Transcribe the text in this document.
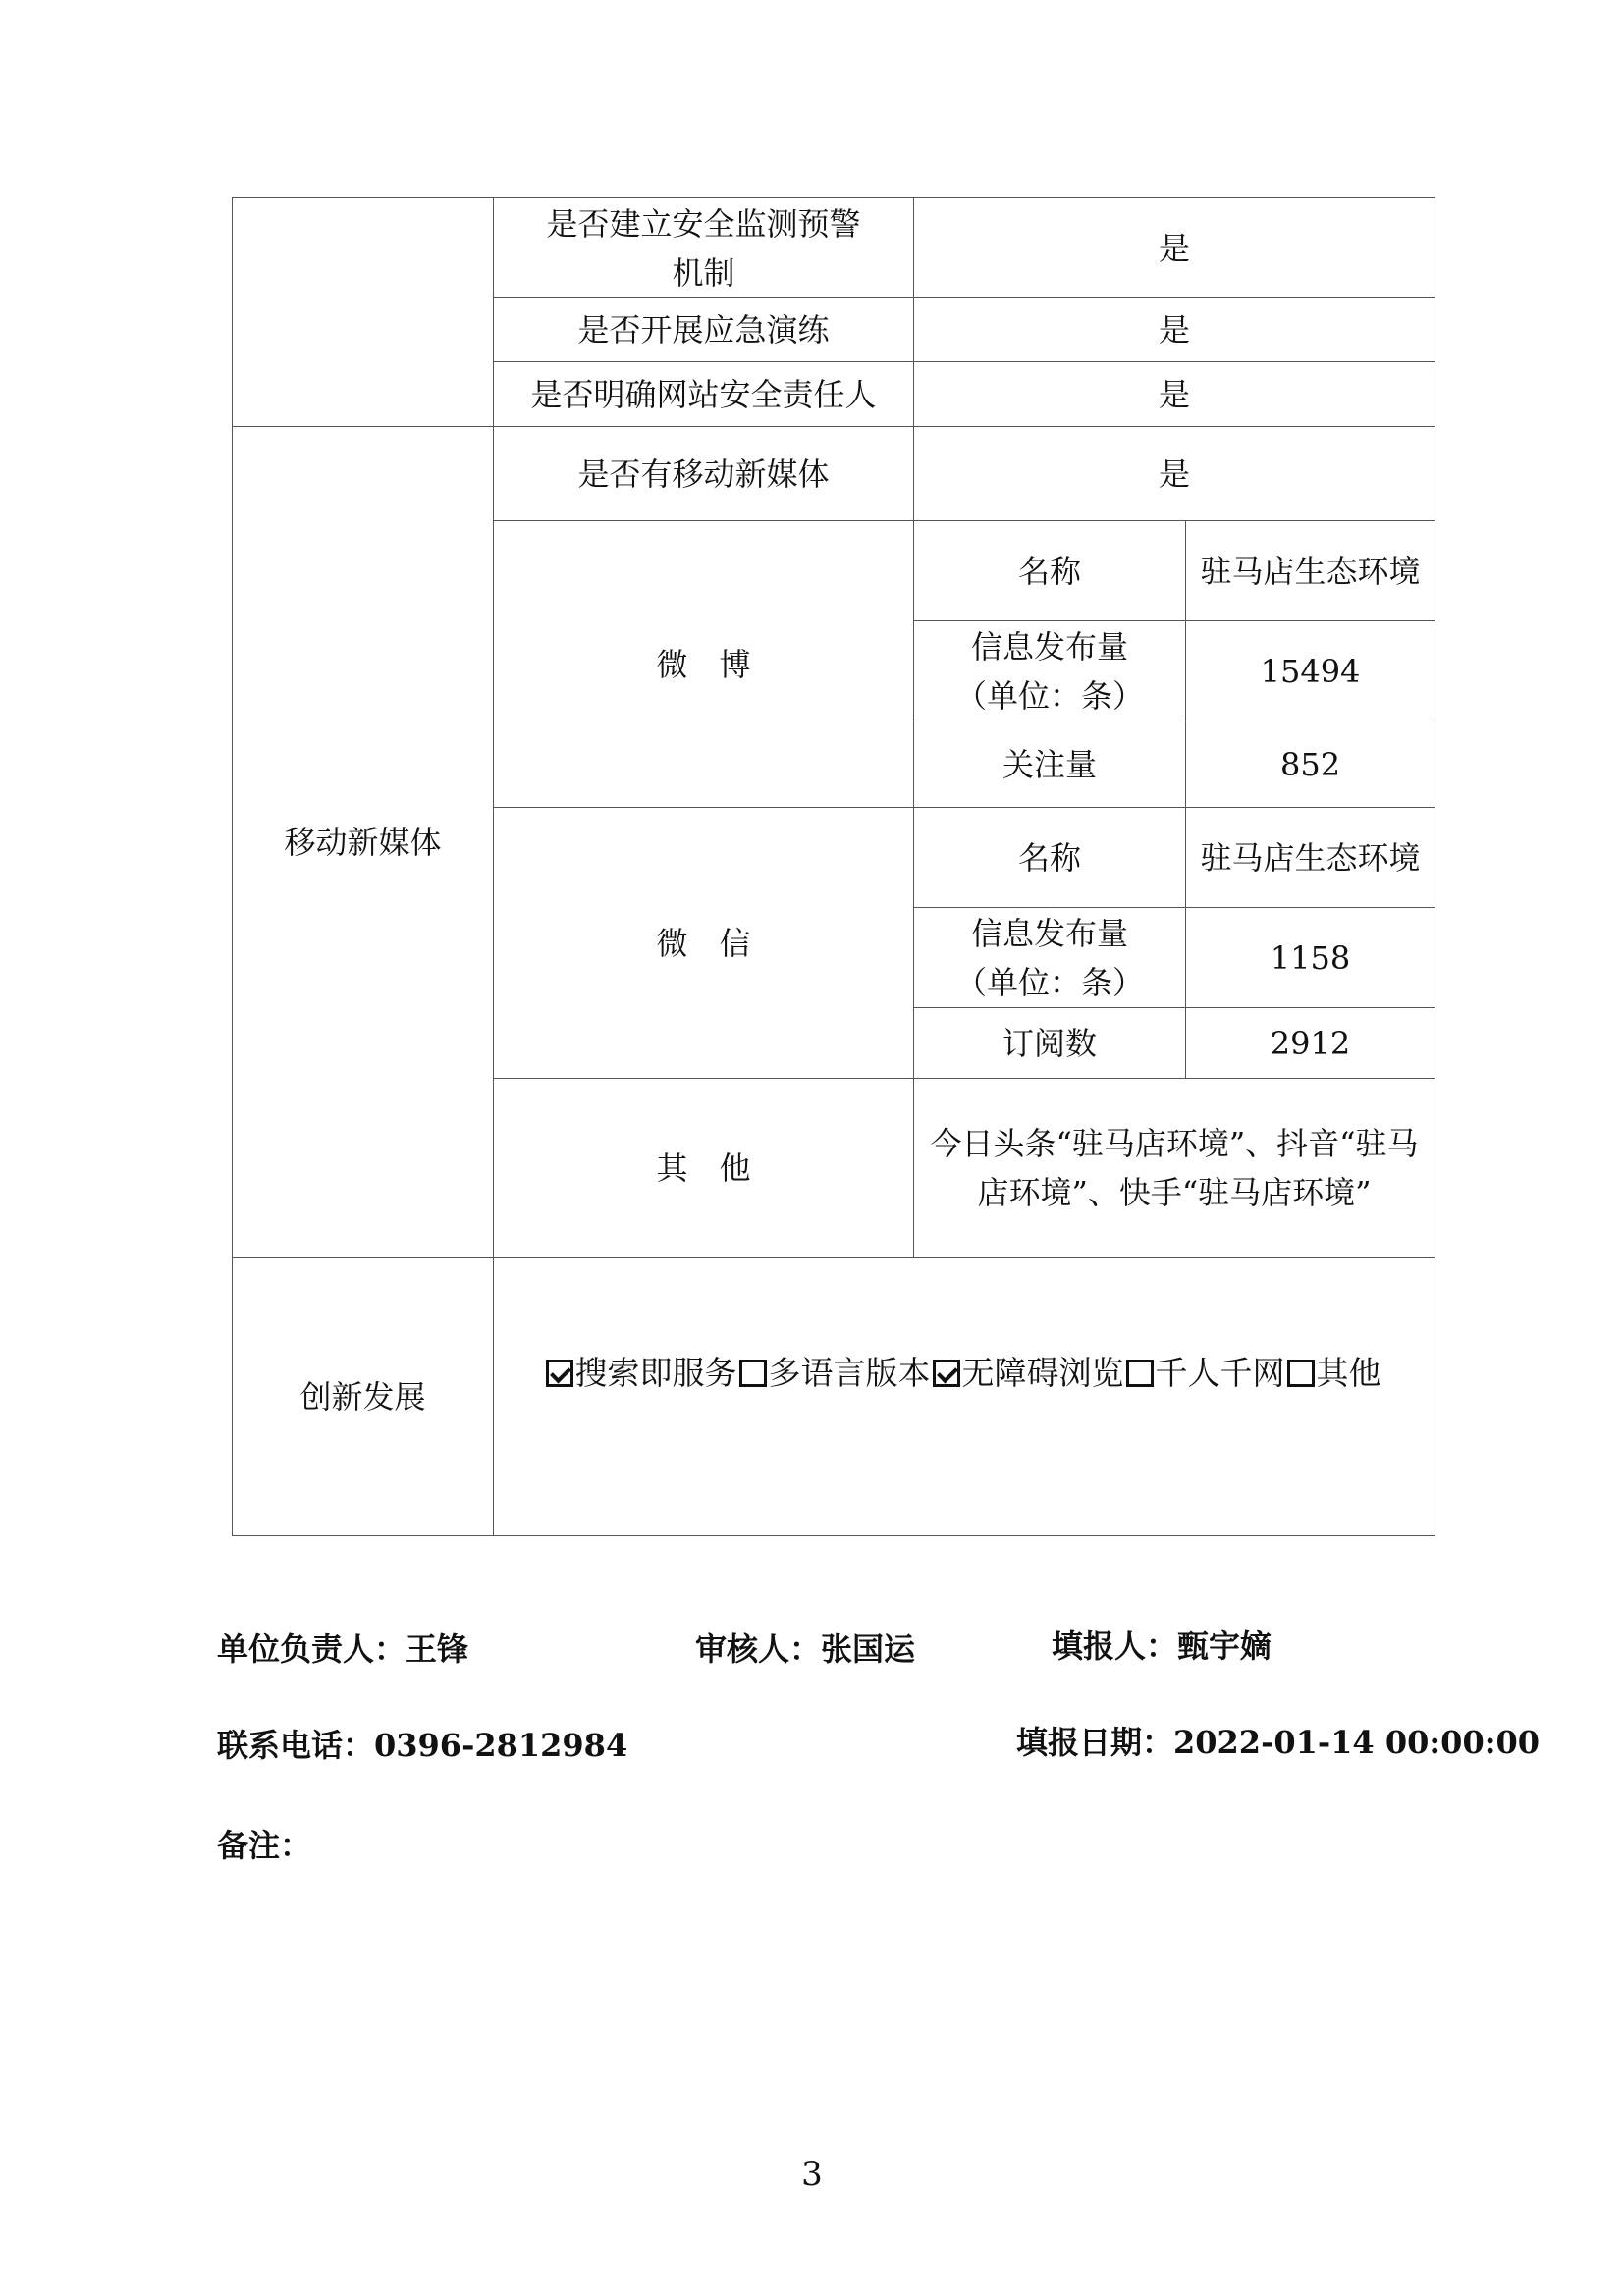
	是否建立安全监测预警机制	是	
	是否开展应急演练	是	
	是否明确网站安全责任人	是	
移动新媒体	是否有移动新媒体	是	
	微　博	名称	驻马店生态环境
		信息发布量（单位：条）	15494
		关注量	852
	微　信	名称	驻马店生态环境
		信息发布量（单位：条）	1158
		订阅数	2912
	其　他	今日头条“驻马店环境”、抖音“驻马店环境”、快手“驻马店环境”	
创新发展	搜索即服务 多语言版本 无障碍浏览 千人千网 其他		
单位负责人：王锋	审核人：张国运	填报人：甄宇嫡
联系电话：0396-2812984	填报日期：2022-01-14 00:00:00
备注：
3
